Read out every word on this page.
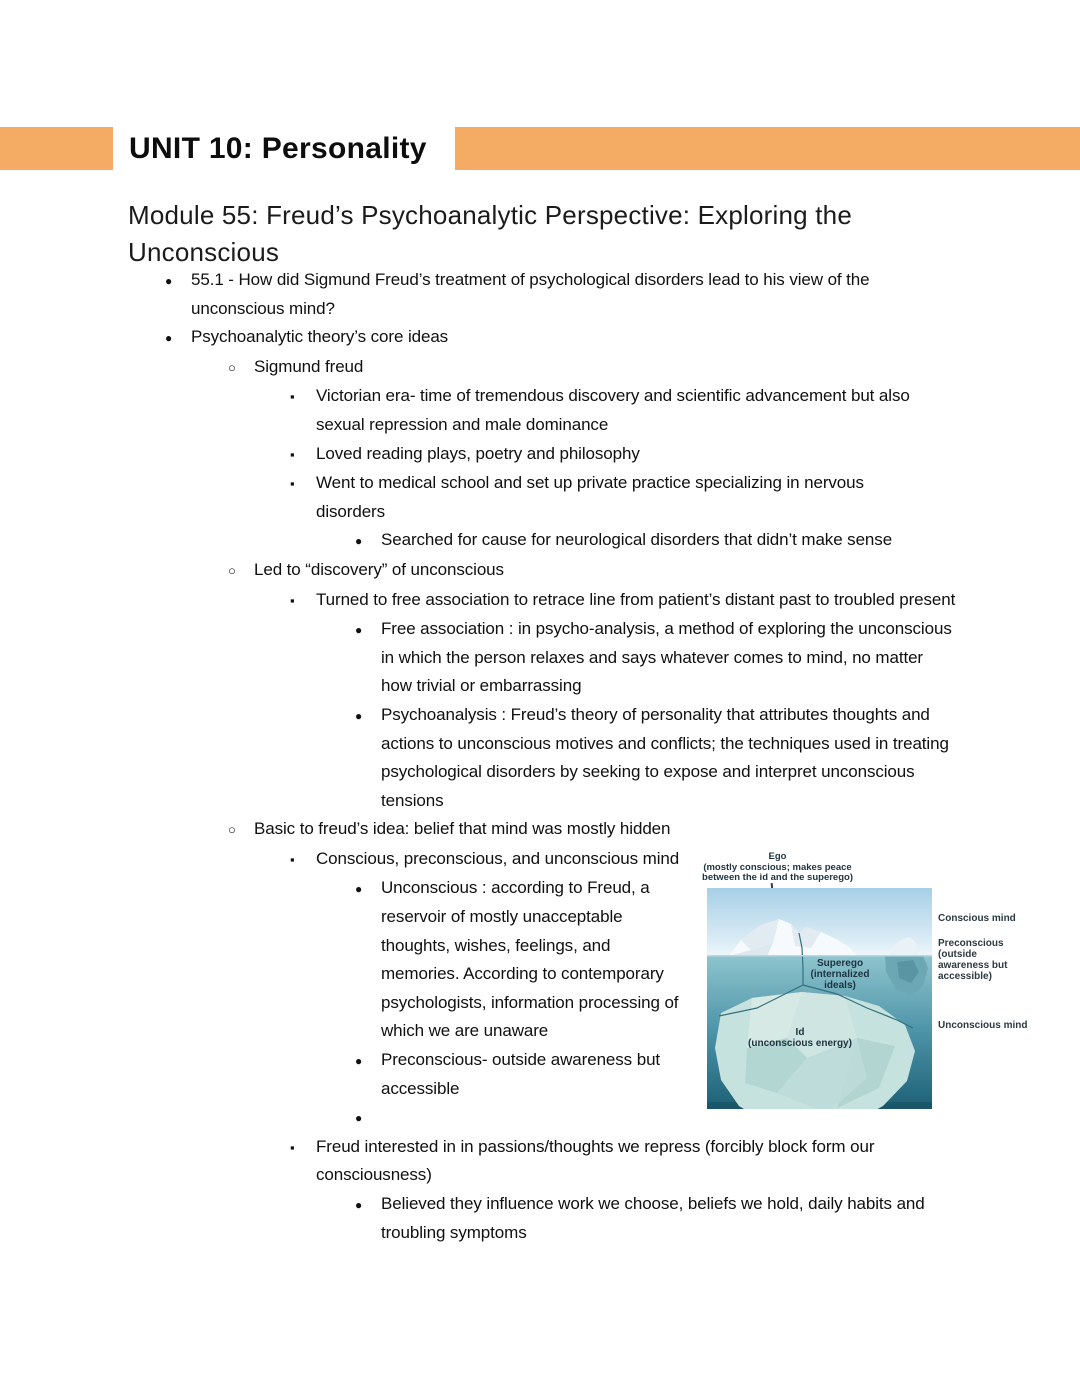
UNIT 10: Personality
Module 55: Freud’s Psychoanalytic Perspective: Exploring the Unconscious
●
55.1 - How did Sigmund Freud’s treatment of psychological disorders lead to his view of the unconscious mind?
●
Psychoanalytic theory’s core ideas
○
Sigmund freud
▪
Victorian era- time of tremendous discovery and scientific advancement but also sexual repression and male dominance
▪
Loved reading plays, poetry and philosophy
▪
Went to medical school and set up private practice specializing in nervous disorders
●
Searched for cause for neurological disorders that didn’t make sense
○
Led to “discovery” of unconscious
▪
Turned to free association to retrace line from patient’s distant past to troubled present
●
Free association : in psycho-analysis, a method of exploring the unconscious in which the person relaxes and says whatever comes to mind, no matter how trivial or embarrassing
●
Psychoanalysis : Freud’s theory of personality that attributes thoughts and actions to unconscious motives and conflicts; the techniques used in treating psychological disorders by seeking to expose and interpret unconscious tensions
○
Basic to freud’s idea: belief that mind was mostly hidden
▪
Conscious, preconscious, and unconscious mind
●
Unconscious : according to Freud, a reservoir of mostly unacceptable thoughts, wishes, feelings, and memories. According to contemporary psychologists, information processing of which we are unaware
●
Preconscious- outside awareness but accessible
●
▪
Freud interested in in passions/thoughts we repress (forcibly block form our consciousness)
●
Believed they influence work we choose, beliefs we hold, daily habits and troubling symptoms
Ego
(mostly conscious; makes peace between the id and the superego)
Superego
(internalized ideals)
Id
(unconscious energy)
Conscious mind
Preconscious (outside awareness but accessible)
Unconscious mind
